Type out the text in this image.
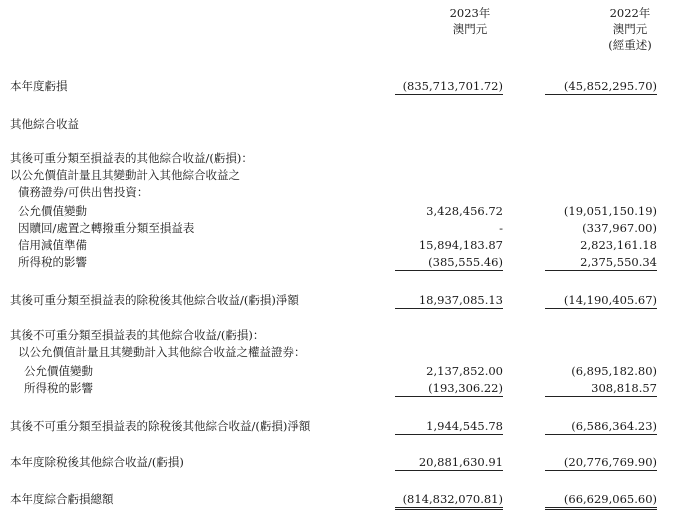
2023年
澳門元
2022年
澳門元
(經重述)
本年度虧損	(835,713,701.72)	(45,852,295.70)
其他綜合收益
其後可重分類至損益表的其他綜合收益/(虧損)：
以公允價值計量且其變動計入其他綜合收益之
債務證券/可供出售投資：
公允價值變動	3,428,456.72	(19,051,150.19)
因贖回/處置之轉撥重分類至損益表	-	(337,967.00)
信用減值準備	15,894,183.87	2,823,161.18
所得稅的影響	(385,555.46)	2,375,550.34
其後可重分類至損益表的除稅後其他綜合收益/(虧損)淨額	18,937,085.13	(14,190,405.67)
其後不可重分類至損益表的其他綜合收益/(虧損)：
以公允價值計量且其變動計入其他綜合收益之權益證券：
公允價值變動	2,137,852.00	(6,895,182.80)
所得稅的影響	(193,306.22)	308,818.57
其後不可重分類至損益表的除稅後其他綜合收益/(虧損)淨額	1,944,545.78	(6,586,364.23)
本年度除稅後其他綜合收益/(虧損)	20,881,630.91	(20,776,769.90)
本年度綜合虧損總額	(814,832,070.81)	(66,629,065.60)
